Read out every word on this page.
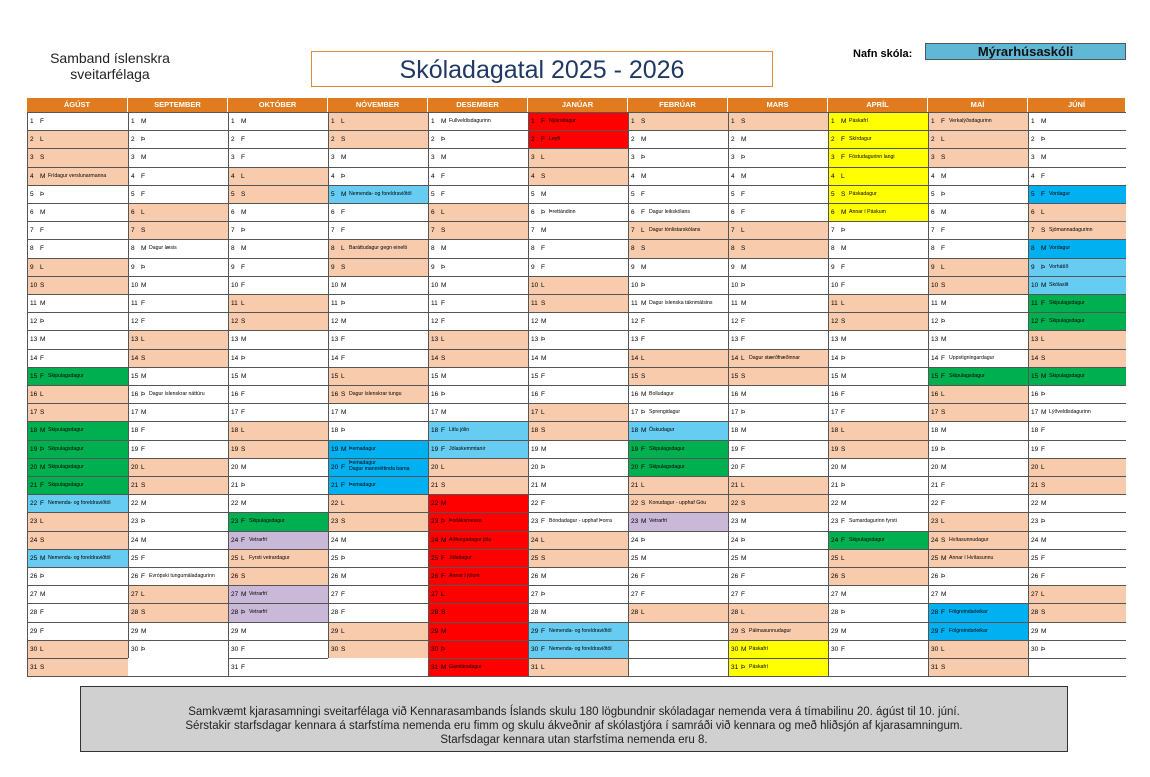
Samband íslenskra
sveitarfélaga	Skóladagatal 2025 - 2026
Nafn skóla:	Mýrarhúsaskóli
ÁGÚST
1 F
2 L
3 S
4 M Frídagur verslunarmanna
5 Þ
6 M
7 F
8 F
9 L
10 S
11 M
12 Þ
13 M
14 F
15 F Skipulagsdagur
16 L
17 S
18 M Skipulagsdagur
19 Þ Skipulagsdagur
20 M Skipulagsdagur
21 F Skipulagsdagur
22 F Nemenda- og foreldraviðtöl
23 L
24 S
25 M Nemenda- og foreldraviðtöl
26 Þ
27 M
28 F
29 F
30 L
31 S
SEPTEMBER
1 M
2 Þ
3 M
4 F
5 F
6 L
7 S
8 M Dagur læsis
9 Þ
10 M
11 F
12 F
13 L
14 S
15 M
16 Þ Dagur íslenskrar náttúru
17 M
18 F
19 F
20 L
21 S
22 M
23 Þ
24 M
25 F
26 F Evrópski tungumáladagurinn
27 L
28 S
29 M
30 Þ
OKTÓBER
1 M
2 F
3 F
4 L
5 S
6 M
7 Þ
8 M
9 F
10 F
11 L
12 S
13 M
14 Þ
15 M
16 F
17 F
18 L
19 S
20 M
21 Þ
22 M
23 F Skipulagsdagur
24 F Vetrarfrí
25 L Fyrsti vetrardagur
26 S
27 M Vetrarfrí
28 Þ Vetrarfrí
29 M
30 F
31 F
NÓVEMBER
1 L
2 S
3 M
4 Þ
5 M Nemenda- og foreldraviðtöl
6 F
7 F
8 L Baráttudagur gegn einelti
9 S
10 M
11 Þ
12 M
13 F
14 F
15 L
16 S Dagur íslenskrar tungu
17 M
18 Þ
19 M Þemadagur
20 F
Þemadagur
Dagur mannréttinda barna
21 F Þemadagur
22 L
23 S
24 M
25 Þ
26 M
27 F
28 F
29 L
30 S
DESEMBER
1 M Fullveldisdagurinn
2 Þ
3 M
4 F
5 F
6 L
7 S
8 M
9 Þ
10 M
11 F
12 F
13 L
14 S
15 M
16 Þ
17 M
18 F Litlu jólin
19 F Jólaskemmtanir
20 L
21 S
22 M
23 Þ Þorláksmessa
24 M Aðfangadagur jóla
25 F Jóladagur
26 F Annar í jólum
27 L
28 S
29 M
30 Þ
31 M Gamlársdagur
JANÚAR
1 F Nýársdagur
2 F Leyfi
3 L
4 S
5 M
6 Þ Þrettándinn
7 M
8 F
9 F
10 L
11 S
12 M
13 Þ
14 M
15 F
16 F
17 L
18 S
19 M
20 Þ
21 M
22 F
23 F Bóndadagur - upphaf Þorra
24 L
25 S
26 M
27 Þ
28 M
29 F Nemenda- og foreldraviðtöl
30 F Nemenda- og foreldraviðtöl
31 L
FEBRÚAR
1 S
2 M
3 Þ
4 M
5 F
6 F Dagur leikskólans
7 L Dagur tónlistarskólans
8 S
9 M
10 Þ
11 M Dagur íslenska táknmálsins
12 F
13 F
14 L
15 S
16 M Bolludagur
17 Þ Sprengidagur
18 M Öskudagur
19 F Skipulagsdagur
20 F Skipulagsdagur
21 L
22 S Konudagur - upphaf Góu
23 M Vetrarfrí
24 Þ
25 M
26 F
27 F
28 L
MARS
1 S
2 M
3 Þ
4 M
5 F
6 F
7 L
8 S
9 M
10 Þ
11 M
12 F
13 F
14 L Dagur stærðfræðinnar
15 S
16 M
17 Þ
18 M
19 F
20 F
21 L
22 S
23 M
24 Þ
25 M
26 F
27 F
28 L
29 S Pálmasunnudagur
30 M Páskafrí
31 Þ Páskafrí
APRÍL
1 M Páskafrí
2 F Skírdagur
3 F Föstudagurinn langi
4 L
5 S Páskadagur
6 M Annar í Páskum
7 Þ
8 M
9 F
10 F
11 L
12 S
13 M
14 Þ
15 M
16 F
17 F
18 L
19 S
20 M
21 Þ
22 M
23 F Sumardagurinn fyrsti
24 F Skipulagsdagur
25 L
26 S
27 M
28 Þ
29 M
30 F
MAÍ
1 F Verkalýðsdagurinn
2 L
3 S
4 M
5 Þ
6 M
7 F
8 F
9 L
10 S
11 M
12 Þ
13 M
14 F Uppstigningardagur
15 F Skipulagsdagur
16 L
17 S
18 M
19 Þ
20 M
21 F
22 F
23 L
24 S Hvítasunnudagur
25 M Annar í Hvítasunnu
26 Þ
27 M
28 F Fölgreindarleikar
29 F Fölgreindarleikar
30 L
31 S
JÚNÍ
1 M
2 Þ
3 M
4 F
5 F Vordagur
6 L
7 S Sjómannadagurinn
8 M Vordagur
9 Þ Vorhátíð
10 M Skólaslit
11 F Skipulagsdagur
12 F Skipulagsdagur
13 L
14 S
15 M Skipulagsdagur
16 Þ
17 M Lýðveldisdagurinn
18 F
19 F
20 L
21 S
22 M
23 Þ
24 M
25 F
26 F
27 L
28 S
29 M
30 Þ
Samkvæmt kjarasamningi sveitarfélaga við Kennarasambands Íslands skulu 180 lögbundnir skóladagar nemenda vera á tímabilinu 20. ágúst til 10. júní.
Sérstakir starfsdagar kennara á starfstíma nemenda eru fimm og skulu ákveðnir af skólastjóra í samráði við kennara og með hliðsjón af kjarasamningum.
Starfsdagar kennara utan starfstíma nemenda eru 8.
